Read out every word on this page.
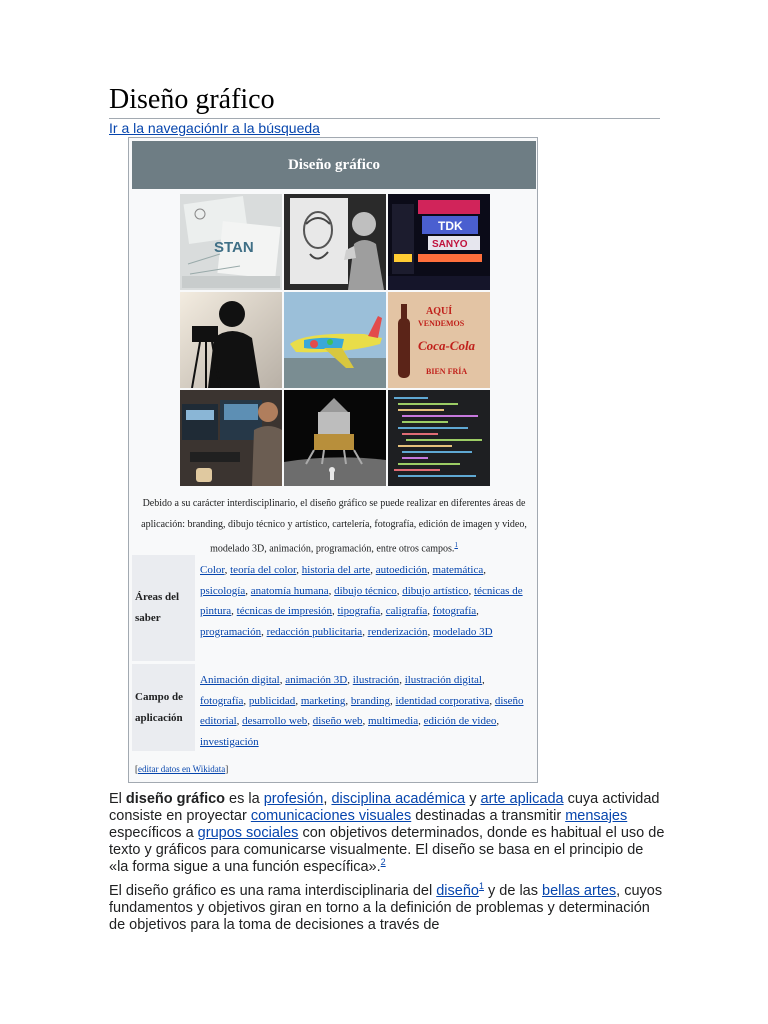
Diseño gráfico
Ir a la navegaciónIr a la búsqueda
Diseño gráfico
STAN
TDK
SANYO
AQUÍ
VENDEMOS
Coca-Cola
BIEN FRÍA
Debido a su carácter interdisciplinario, el diseño gráfico se puede realizar en diferentes áreas de aplicación: branding, dibujo técnico y artístico, cartelería, fotografía, edición de imagen y video, modelado 3D, animación, programación, entre otros campos.$^1$
Áreas del saber
Color, teoría del color, historia del arte, autoedición, matemática, psicología, anatomía humana, dibujo técnico, dibujo artístico, técnicas de pintura, técnicas de impresión, tipografía, caligrafía, fotografía, programación, redacción publicitaria, renderización, modelado 3D
Campo de aplicación
Animación digital, animación 3D, ilustración, ilustración digital, fotografía, publicidad, marketing, branding, identidad corporativa, diseño editorial, desarrollo web, diseño web, multimedia, edición de video, investigación
[editar datos en Wikidata]

El diseño gráfico es la profesión, disciplina académica y arte aplicada cuya actividad consiste en proyectar comunicaciones visuales destinadas a transmitir mensajes específicos a grupos sociales con objetivos determinados, donde es habitual el uso de texto y gráficos para comunicarse visualmente. El diseño se basa en el principio de «la forma sigue a una función específica».$^2$

El diseño gráfico es una rama interdisciplinaria del diseño$^1$ y de las bellas artes, cuyos fundamentos y objetivos giran en torno a la definición de problemas y determinación de objetivos para la toma de decisiones a través de
